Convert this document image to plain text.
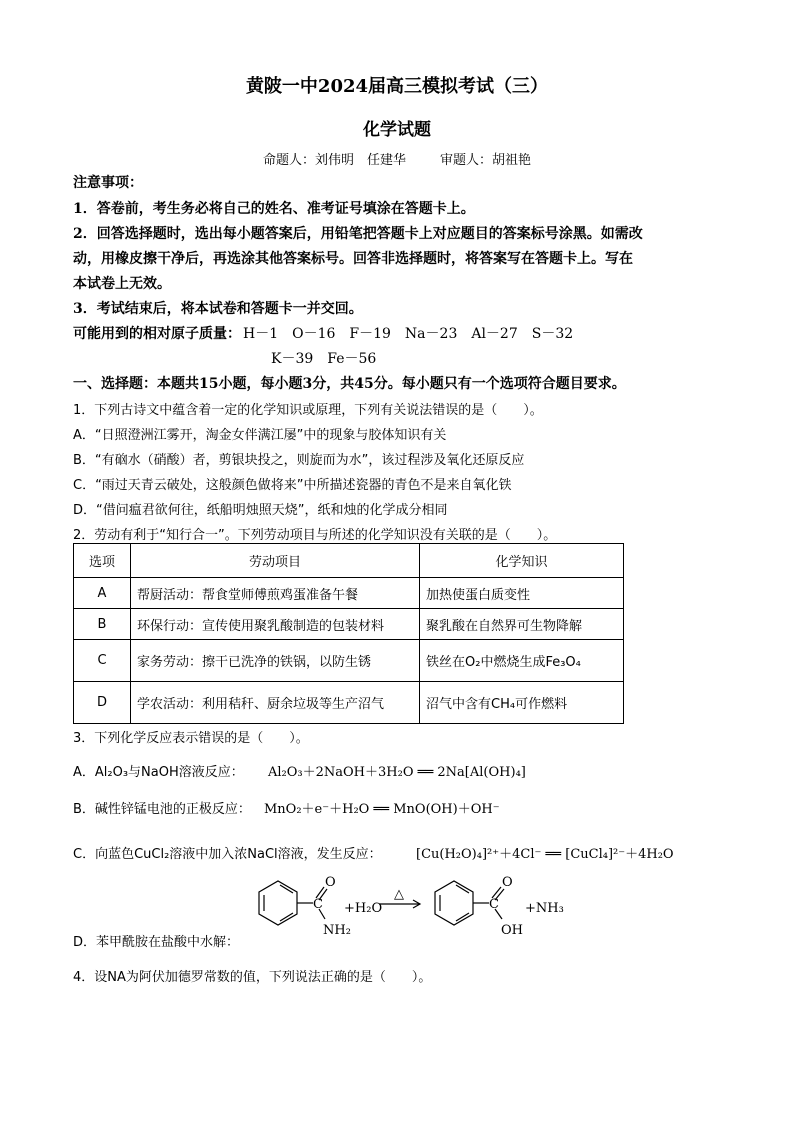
黄陂一中2024届高三模拟考试（三）
化学试题
命题人：刘伟明　任建华	审题人：胡祖艳
注意事项：
1．答卷前，考生务必将自己的姓名、准考证号填涂在答题卡上。
2．回答选择题时，选出每小题答案后，用铅笔把答题卡上对应题目的答案标号涂黑。如需改
动，用橡皮擦干净后，再选涂其他答案标号。回答非选择题时，将答案写在答题卡上。写在
本试卷上无效。
3．考试结束后，将本试卷和答题卡一并交回。
可能用到的相对原子质量： H－1　O－16　F－19　Na－23　Al－27　S－32
K－39　Fe－56
一、选择题：本题共15小题，每小题3分，共45分。每小题只有一个选项符合题目要求。
1．下列古诗文中蕴含着一定的化学知识或原理，下列有关说法错误的是（　　）。
A．“日照澄洲江雾开，淘金女伴满江屡”中的现象与胶体知识有关
B．“有硇水（硝酸）者，剪银块投之，则旋而为水”，该过程涉及氧化还原反应
C．“雨过天青云破处，这般颜色做将来”中所描述瓷器的青色不是来自氧化铁
D．“借问瘟君欲何往，纸船明烛照天烧”，纸和烛的化学成分相同
2．劳动有利于“知行合一”。下列劳动项目与所述的化学知识没有关联的是（　　）。
选项	劳动项目	化学知识
A	帮厨活动：帮食堂师傅煎鸡蛋准备午餐	加热使蛋白质变性
B	环保行动：宣传使用聚乳酸制造的包装材料	聚乳酸在自然界可生物降解
C	家务劳动：擦干已洗净的铁锅，以防生锈	铁丝在O₂中燃烧生成Fe₃O₄
D	学农活动：利用秸秆、厨余垃圾等生产沼气	沼气中含有CH₄可作燃料
3．下列化学反应表示错误的是（　　）。
A．Al₂O₃与NaOH溶液反应： Al₂O₃＋2NaOH＋3H₂O ══ 2Na[Al(OH)₄]
B．碱性锌锰电池的正极反应： MnO₂＋e⁻＋H₂O ══ MnO(OH)＋OH⁻
C．向蓝色CuCl₂溶液中加入浓NaCl溶液，发生反应：	[Cu(H₂O)₄]²⁺＋4Cl⁻ ══ [CuCl₄]²⁻＋4H₂O
D．苯甲酰胺在盐酸中水解：
O
C
NH₂
+H₂O
△
O
C
OH
+NH₃
4．设NA为阿伏加德罗常数的值，下列说法正确的是（　　）。
